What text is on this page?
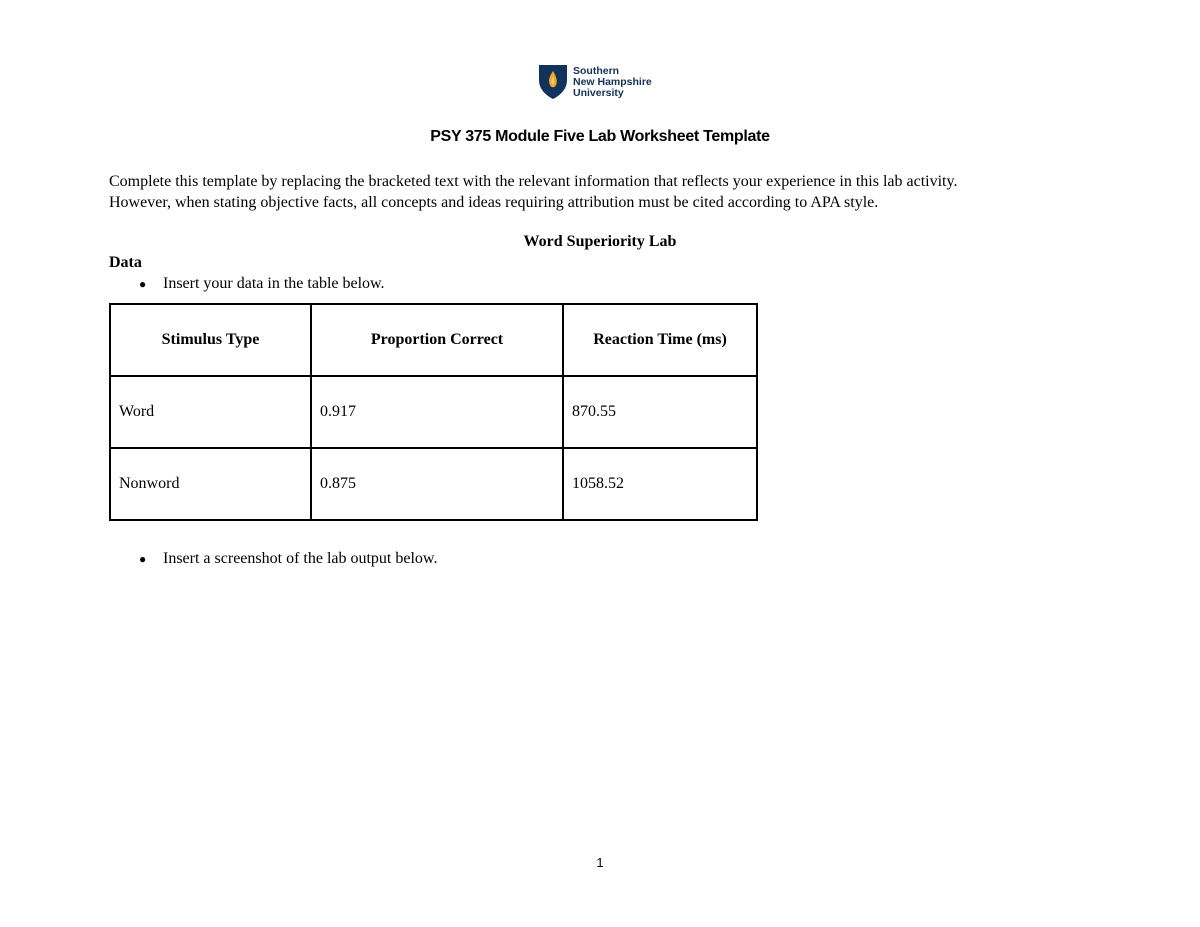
Southern
New Hampshire
University
PSY 375 Module Five Lab Worksheet Template

Complete this template by replacing the bracketed text with the relevant information that reflects your experience in this lab activity.

However, when stating objective facts, all concepts and ideas requiring attribution must be cited according to APA style.

Word Superiority Lab
Data
●	Insert your data in the table below.
Stimulus Type	Proportion Correct	Reaction Time (ms)
Word	0.917	870.55
Nonword	0.875	1058.52
●	Insert a screenshot of the lab output below.
1
